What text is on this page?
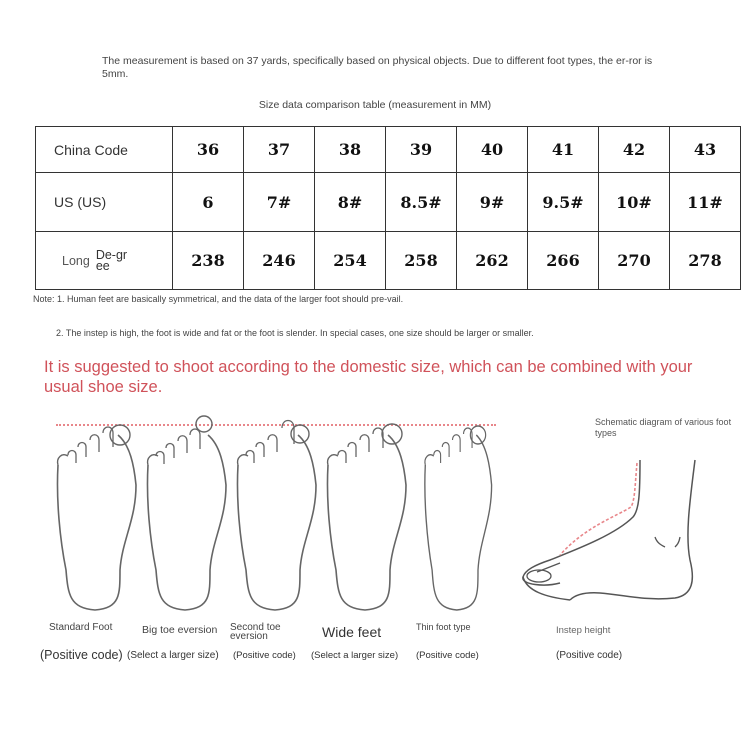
The measurement is based on 37 yards, specifically based on physical objects. Due to different foot types, the er-ror is 5mm.
Size data comparison table (measurement in MM)
China Code	36	37	38	39	40	41	42	43
US (US)	6	7#	8#	8.5#	9#	9.5#	10#	11#

Long De-gree	238	246	254	258	262	266	270	278
Note: 1. Human feet are basically symmetrical, and the data of the larger foot should pre-vail.
2. The instep is high, the foot is wide and fat or the foot is slender. In special cases, one size should be larger or smaller.
It is suggested to shoot according to the domestic size, which can be combined with your usual shoe size.
Standard Foot	Big toe eversion Second toe eversion	Wide feet	Thin foot type
(Positive code) (Select a larger size) (Positive code) (Select a larger size) (Positive code)
Schematic diagram of various foot types
Instep height
(Positive code)
